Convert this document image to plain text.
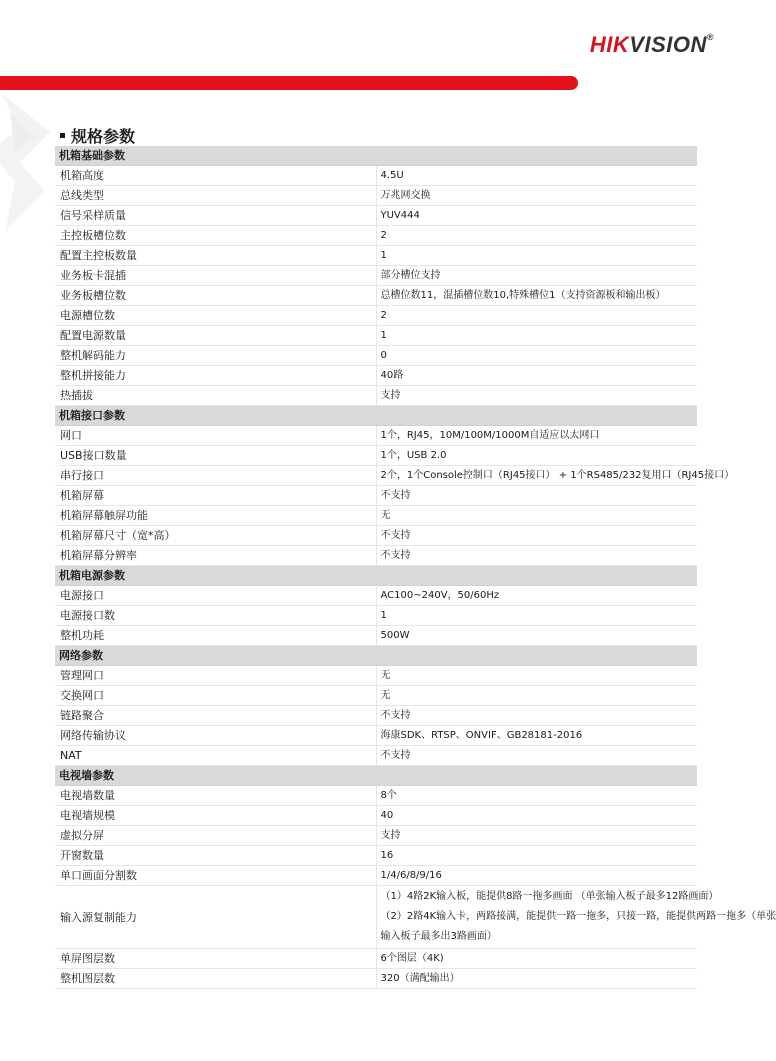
HIKVISION®
规格参数
机箱基础参数	
机箱高度	4.5U
总线类型	万兆网交换
信号采样质量	YUV444
主控板槽位数	2
配置主控板数量	1
业务板卡混插	部分槽位支持
业务板槽位数	总槽位数11，混插槽位数10,特殊槽位1（支持资源板和输出板）
电源槽位数	2
配置电源数量	1
整机解码能力	0
整机拼接能力	40路
热插拔	支持
机箱接口参数	
网口	1个，RJ45，10M/100M/1000M自适应以太网口
USB接口数量	1个，USB 2.0
串行接口	2个，1个Console控制口（RJ45接口） + 1个RS485/232复用口（RJ45接口）
机箱屏幕	不支持
机箱屏幕触屏功能	无
机箱屏幕尺寸（宽*高）	不支持
机箱屏幕分辨率	不支持
机箱电源参数	
电源接口	AC100~240V，50/60Hz
电源接口数	1
整机功耗	500W
网络参数	
管理网口	无
交换网口	无
链路聚合	不支持
网络传输协议	海康SDK、RTSP、ONVIF、GB28181-2016
NAT	不支持
电视墙参数	
电视墙数量	8个
电视墙规模	40
虚拟分屏	支持
开窗数量	16
单口画面分割数	1/4/6/8/9/16
输入源复制能力	（1）4路2K输入板，能提供8路一拖多画面 （单张输入板子最多12路画面）
（2）2路4K输入卡，两路接满，能提供一路一拖多，只接一路，能提供两路一拖多（单张
输入板子最多出3路画面）

单屏图层数	6个图层（4K)
整机图层数	320（满配输出）
